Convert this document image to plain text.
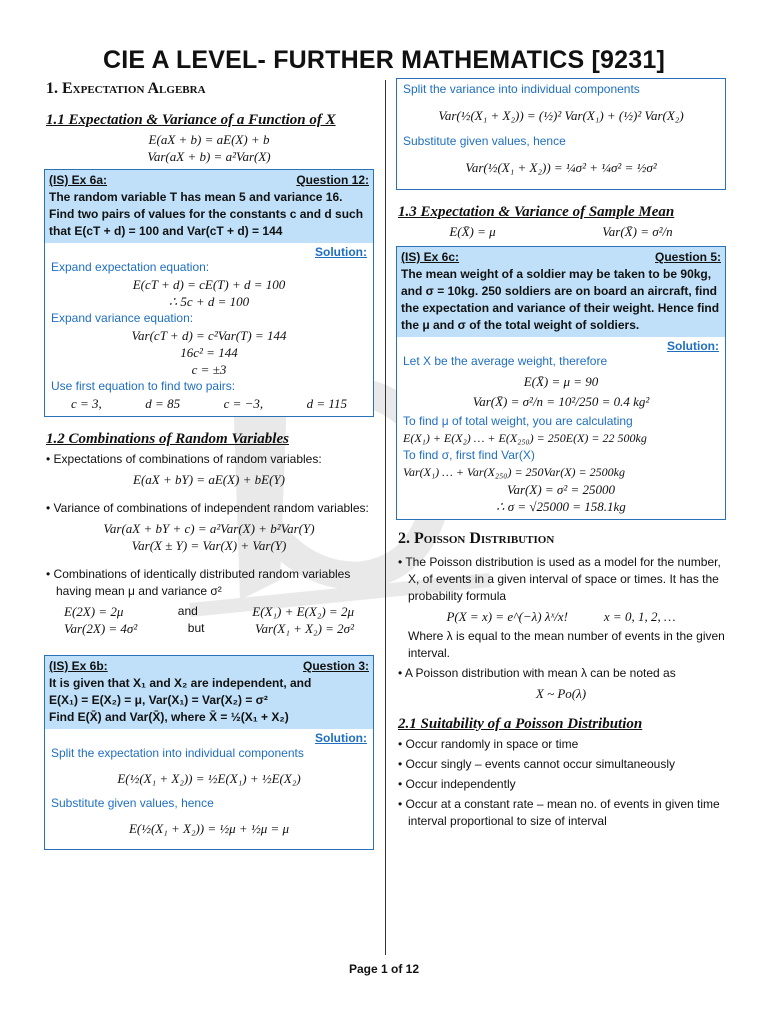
CIE A LEVEL- FURTHER MATHEMATICS [9231]
1. Expectation Algebra
1.1 Expectation & Variance of a Function of X
E(aX + b) = aE(X) + b
Var(aX + b) = a²Var(X)
(IS) Ex 6a:	Question 12:
The random variable T has mean 5 and variance 16. Find two pairs of values for the constants c and d such that E(cT + d) = 100 and Var(cT + d) = 144
Solution:
Expand expectation equation:
E(cT + d) = cE(T) + d = 100
∴ 5c + d = 100
Expand variance equation:
Var(cT + d) = c²Var(T) = 144
16c² = 144
c = ±3
Use first equation to find two pairs:
c = 3,	d = 85	c = −3,	d = 115
1.2 Combinations of Random Variables
• Expectations of combinations of random variables:
E(aX + bY) = aE(X) + bE(Y)
• Variance of combinations of independent random variables:
Var(aX + bY + c) = a²Var(X) + b²Var(Y)
Var(X ± Y) = Var(X) + Var(Y)
• Combinations of identically distributed random variables having mean μ and variance σ²
E(2X) = 2μ	and	E(X₁) + E(X₂) = 2μ
Var(2X) = 4σ²	but	Var(X₁ + X₂) = 2σ²
(IS) Ex 6b:	Question 3:
It is given that X₁ and X₂ are independent, and
E(X₁) = E(X₂) = μ, Var(X₁) = Var(X₂) = σ²
Find E(X̄) and Var(X̄), where X̄ = ½(X₁ + X₂)
Solution:
Split the expectation into individual components
E(½(X₁ + X₂)) = ½E(X₁) + ½E(X₂)
Substitute given values, hence
E(½(X₁ + X₂)) = ½μ + ½μ = μ
Split the variance into individual components
Var(½(X₁ + X₂)) = (½)² Var(X₁) + (½)² Var(X₂)
Substitute given values, hence
Var(½(X₁ + X₂)) = ¼σ² + ¼σ² = ½σ²
1.3 Expectation & Variance of Sample Mean
E(X̄) = μ	Var(X̄) = σ²/n
(IS) Ex 6c:	Question 5:
The mean weight of a soldier may be taken to be 90kg, and σ = 10kg. 250 soldiers are on board an aircraft, find the expectation and variance of their weight. Hence find the μ and σ of the total weight of soldiers.
Solution:
Let X be the average weight, therefore
E(X̄) = μ = 90
Var(X̄) = σ²/n = 10²/250 = 0.4 kg²
To find μ of total weight, you are calculating
E(X₁) + E(X₂) … + E(X₂₅₀) = 250E(X) = 22 500kg
To find σ, first find Var(X)
Var(X₁) … + Var(X₂₅₀) = 250Var(X) = 2500kg
Var(X) = σ² = 25000
∴ σ = √25000 = 158.1kg
2. Poisson Distribution
• The Poisson distribution is used as a model for the number, X, of events in a given interval of space or times. It has the probability formula
P(X = x) = e^(−λ) λˣ/x!	x = 0, 1, 2, …
Where λ is equal to the mean number of events in the given interval.
• A Poisson distribution with mean λ can be noted as
X ~ Po(λ)
2.1 Suitability of a Poisson Distribution
• Occur randomly in space or time
• Occur singly – events cannot occur simultaneously
• Occur independently
• Occur at a constant rate – mean no. of events in given time interval proportional to size of interval
Page 1 of 12
